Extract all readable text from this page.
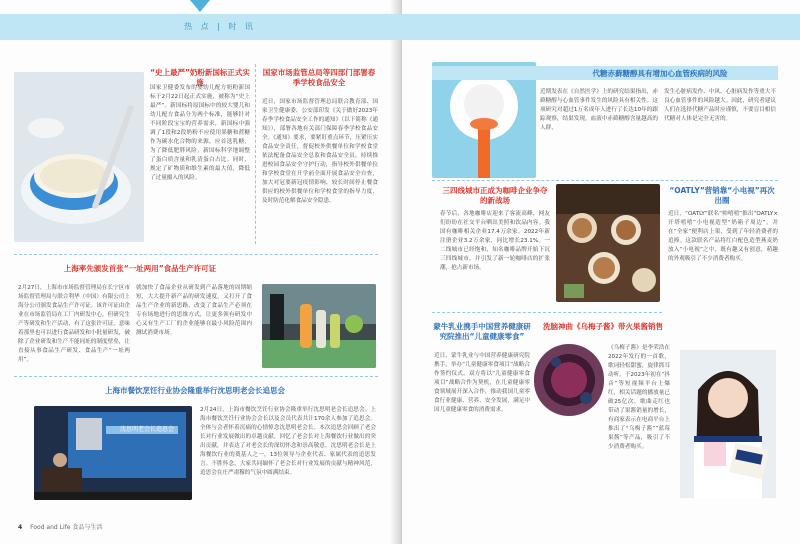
“史上最严”奶粉新国标正式实施
国家卫健委发布的婴幼儿配方奶粉新国标于2月22日起正式实施，被称为“史上最严”。新国标将原国标中的较大婴儿和幼儿配方食品分为两个标准，能够针对不同阶段宝宝的营养需求，新国标中强调了1段和2段奶粉不应使用果糖和蔗糖作为碳水化合物的来源，应首选乳糖，为了降低肥胖风险，新国标科学地调整了蛋白质含量和乳清蛋白占比。同时，规定了矿物质和维生素的最大值，降低了过量摄入的风险。
国家市场监管总局等四部门部署春季学校食品安全
近日，国家市场监督管理总局联合教育部、国家卫生健康委、公安部印发《关于做好2023年春季学校食品安全工作的通知》（以下简称《通知》），部署各地有关部门保障春季学校食品安全。《通知》要求，要紧盯重点环节，压紧压实食品安全责任，督促校外供餐单位和学校食堂依法配备食品安全总监和食品安全员，持续推进校园食品安全守护行动，指导校外供餐单位和学校食堂在开学前全面开展食品安全自查，加大对冠要新冠疫情影响、较长时间停止餐食供应的校外供餐单位和学校食堂的指导力度，及时防范化解食品安全隐患。
上海率先颁发首张“一址两用”食品生产许可证
2月27日，上海市市场监督管理局在长宁区市场监督管理局与联合利华（中国）有限公司上海分公司颁发食品生产许可证。该许可证由企业在市场监管局在工厂内研发中心，但研究生产等研发和生产活动，有了这张许可证，意味着那里也可以进行食品研发和小批量研发，破除了企业研发和生产不能同址的制度壁垒，让直接从事食品生产研发、食品生产“一址两用”。
就加快了食品企业从研发到产品落地的周期缩短，大大提升新产品的研发速度。又打开了食品生产企业的新思路，改变了食品生产必须在专有场地进行的思维方式，让更多领有研发中心又有生产工厂的企业能够在最小风险范围内测试消费市场。
上海市餐饮烹饪行业协会隆重举行沈思明老会长追思会
沈思明老会长追思会
2月24日，上海市餐饮烹饪行业协会隆重举行沈思明老会长追思会。上海市餐饮烹饪行业协会会长以及会员代表共计170余人参加了追思会。全体与会者怀着沉痛的心情悼念沈思明老会长。本次追思会回顾了老会长对行业发展做出的卓越贡献，回忆了老会长对上海餐饮行业做出的突出贡献，并表达了对老会长的深切怀念和崇高敬意。沈思明老会长是上海餐饮行业的奠基人之一，13位领导与企业代表、家属代表的追思发言。不胜怀念，大家共同缅怀了老会长对行业发展的贡献与精神风范，追思会在庄严肃穆的气氛中圆满结束。
4 Food and Life 食品与生活
代糖赤藓糖醇具有增加心血管疾病的风险
近期发表在《自然医学》上的研究结果指出，赤藓糖醇与心血管事件发生的风险具有相关性。这项研究对超过1万名成年人进行了长达10年的跟踪观察，结果发现，血液中赤藓糖醇含量越高的人群，
发生心脏病发作、中风、心脏病发作等重大不良心血管事件的风险越大。因此，研究者建议人们在选择代糖产品时应谨慎，不要盲目相信代糖对人体是完全无害的。
三四线城市正成为咖啡企业争夺的新战场
春节后，各地咖啡店迎来了客流高峰，网友们纷纷在社交平台晒出美照和饮品内容。我国有咖啡相关企业17.4万余家，2022年新注册企业3.2万余家，同比增长23.1%。一二线城市已经饱和，知名咖啡品牌开始下沉三四线城市，并引发了新一轮咖啡店的扩张潮，抢占新市场。
“OATLY”营销靠“小电视”再次出圈
近日，“OATLY”联名“帅嘻嘻”推出“OATLY×开塔嘻嘻”小电视造型“奶箱子周边”，并在“全家”便利店上架，受到了年轻消费者的追捧。这款联名产品将红白配色造型燕麦奶放入“小电视”之中，既有趣又有创意，萌趣的外观吸引了不少消费者购买。
蒙牛乳业携手中国营养健康研究院推出“儿童健康零食”
近日，蒙牛乳业与中国营养健康研究院携手，举办“儿童健康零食项目”战略合作签约仪式。双方将以“儿童健康零食项目”战略合作为契机，在儿童健康零食领域展开深入合作，推动我国儿童零食行业健康、营养、安全发展，满足中国儿童健康零食的消费需求。
洗脑神曲《乌梅子酱》带火果酱销售
《乌梅子酱》是李荣浩在2022年发行的一首歌，歌词轻松甜蜜，旋律抓耳动听。于2023年初在“抖音”等短视频平台上爆红，相关话题的播放量已破25亿次。歌曲走红也带动了果酱销量的增长，有商家表示在电商平台上推出了“乌梅子酱”“蓝莓果酱”等产品，吸引了不少消费者购买。
热 点 | 时 讯
